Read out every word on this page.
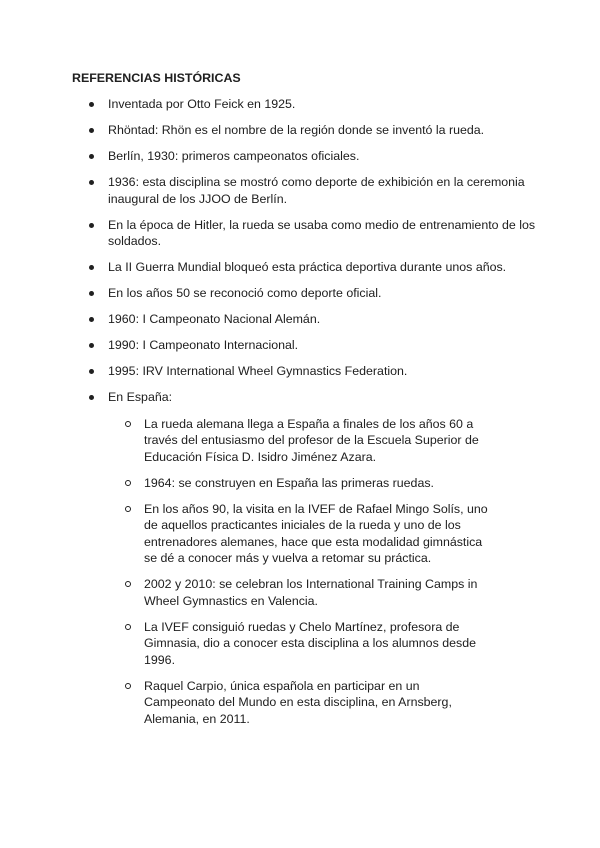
REFERENCIAS HISTÓRICAS
Inventada por Otto Feick en 1925.
Rhöntad: Rhön es el nombre de la región donde se inventó la rueda.
Berlín, 1930: primeros campeonatos oficiales.
1936: esta disciplina se mostró como deporte de exhibición en la ceremonia inaugural de los JJOO de Berlín.
En la época de Hitler, la rueda se usaba como medio de entrenamiento de los soldados.
La II Guerra Mundial bloqueó esta práctica deportiva durante unos años.
En los años 50 se reconoció como deporte oficial.
1960: I Campeonato Nacional Alemán.
1990: I Campeonato Internacional.
1995: IRV International Wheel Gymnastics Federation.
En España:
La rueda alemana llega a España a finales de los años 60 a través del entusiasmo del profesor de la Escuela Superior de Educación Física D. Isidro Jiménez Azara.
1964: se construyen en España las primeras ruedas.
En los años 90, la visita en la IVEF de Rafael Mingo Solís, uno de aquellos practicantes iniciales de la rueda y uno de los entrenadores alemanes, hace que esta modalidad gimnástica se dé a conocer más y vuelva a retomar su práctica.
2002 y 2010: se celebran los International Training Camps in Wheel Gymnastics en Valencia.
La IVEF consiguió ruedas y Chelo Martínez, profesora de Gimnasia, dio a conocer esta disciplina a los alumnos desde 1996.
Raquel Carpio, única española en participar en un Campeonato del Mundo en esta disciplina, en Arnsberg, Alemania, en 2011.
